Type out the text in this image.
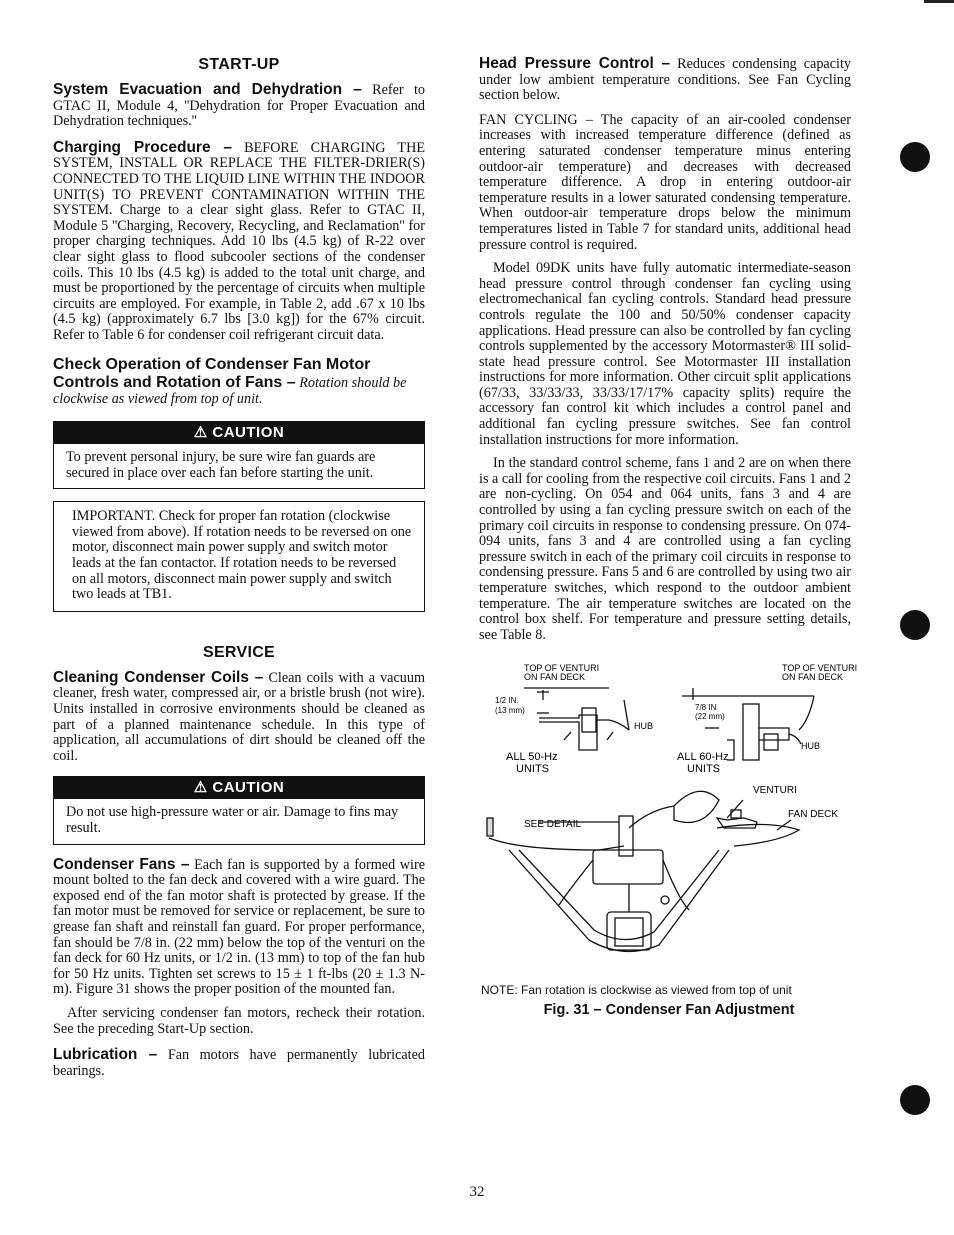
START-UP

System Evacuation and Dehydration – Refer to GTAC II, Module 4, ''Dehydration for Proper Evacuation and Dehydration techniques.''

Charging Procedure – BEFORE CHARGING THE SYSTEM, INSTALL OR REPLACE THE FILTER-DRIER(S) CONNECTED TO THE LIQUID LINE WITHIN THE INDOOR UNIT(S) TO PREVENT CONTAMINATION WITHIN THE SYSTEM. Charge to a clear sight glass. Refer to GTAC II, Module 5 ''Charging, Recovery, Recycling, and Reclamation'' for proper charging techniques. Add 10 lbs (4.5 kg) of R-22 over clear sight glass to flood subcooler sections of the condenser coils. This 10 lbs (4.5 kg) is added to the total unit charge, and must be proportioned by the percentage of circuits when multiple circuits are employed. For example, in Table 2, add .67 x 10 lbs (4.5 kg) (approximately 6.7 lbs [3.0 kg]) for the 67% circuit. Refer to Table 6 for condenser coil refrigerant circuit data.

Check Operation of Condenser Fan Motor Controls and Rotation of Fans – Rotation should be clockwise as viewed from top of unit.

⚠ CAUTION
To prevent personal injury, be sure wire fan guards are secured in place over each fan before starting the unit.
IMPORTANT. Check for proper fan rotation (clockwise viewed from above). If rotation needs to be reversed on one motor, disconnect main power supply and switch motor leads at the fan contactor. If rotation needs to be reversed on all motors, disconnect main power supply and switch two leads at TB1.
SERVICE

Cleaning Condenser Coils – Clean coils with a vacuum cleaner, fresh water, compressed air, or a bristle brush (not wire). Units installed in corrosive environments should be cleaned as part of a planned maintenance schedule. In this type of application, all accumulations of dirt should be cleaned off the coil.

⚠ CAUTION
Do not use high-pressure water or air. Damage to fins may result.

Condenser Fans – Each fan is supported by a formed wire mount bolted to the fan deck and covered with a wire guard. The exposed end of the fan motor shaft is protected by grease. If the fan motor must be removed for service or replacement, be sure to grease fan shaft and reinstall fan guard. For proper performance, fan should be 7/8 in. (22 mm) below the top of the venturi on the fan deck for 60 Hz units, or 1/2 in. (13 mm) to top of the fan hub for 50 Hz units. Tighten set screws to 15 ± 1 ft-lbs (20 ± 1.3 N-m). Figure 31 shows the proper position of the mounted fan.

After servicing condenser fan motors, recheck their rotation. See the preceding Start-Up section.

Lubrication – Fan motors have permanently lubricated bearings.

Head Pressure Control – Reduces condensing capacity under low ambient temperature conditions. See Fan Cycling section below.

FAN CYCLING – The capacity of an air-cooled condenser increases with increased temperature difference (defined as entering saturated condenser temperature minus entering outdoor-air temperature) and decreases with decreased temperature difference. A drop in entering outdoor-air temperature results in a lower saturated condensing temperature. When outdoor-air temperature drops below the minimum temperatures listed in Table 7 for standard units, additional head pressure control is required.

Model 09DK units have fully automatic intermediate-season head pressure control through condenser fan cycling using electromechanical fan cycling controls. Standard head pressure controls regulate the 100 and 50/50% condenser capacity applications. Head pressure can also be controlled by fan cycling controls supplemented by the accessory Motormaster® III solid-state head pressure control. See Motormaster III installation instructions for more information. Other circuit split applications (67/33, 33/33/33, 33/33/17/17% capacity splits) require the accessory fan control kit which includes a control panel and additional fan cycling pressure switches. See fan control installation instructions for more information.

In the standard control scheme, fans 1 and 2 are on when there is a call for cooling from the respective coil circuits. Fans 1 and 2 are non-cycling. On 054 and 064 units, fans 3 and 4 are controlled by using a fan cycling pressure switch on each of the primary coil circuits in response to condensing pressure. On 074-094 units, fans 3 and 4 are controlled using a fan cycling pressure switch in each of the primary coil circuits in response to condensing pressure. Fans 5 and 6 are controlled by using two air temperature switches, which respond to the outdoor ambient temperature. The air temperature switches are located on the control box shelf. For temperature and pressure setting details, see Table 8.

TOP OF VENTURI
ON FAN DECK
TOP OF VENTURI
ON FAN DECK
1/2 IN.
(13 mm)
HUB
7/8 IN
(22 mm)
HUB
ALL 50-Hz
UNITS
ALL 60-Hz
UNITS
VENTURI
FAN DECK
SEE DETAIL
NOTE: Fan rotation is clockwise as viewed from top of unit
Fig. 31 – Condenser Fan Adjustment
32
